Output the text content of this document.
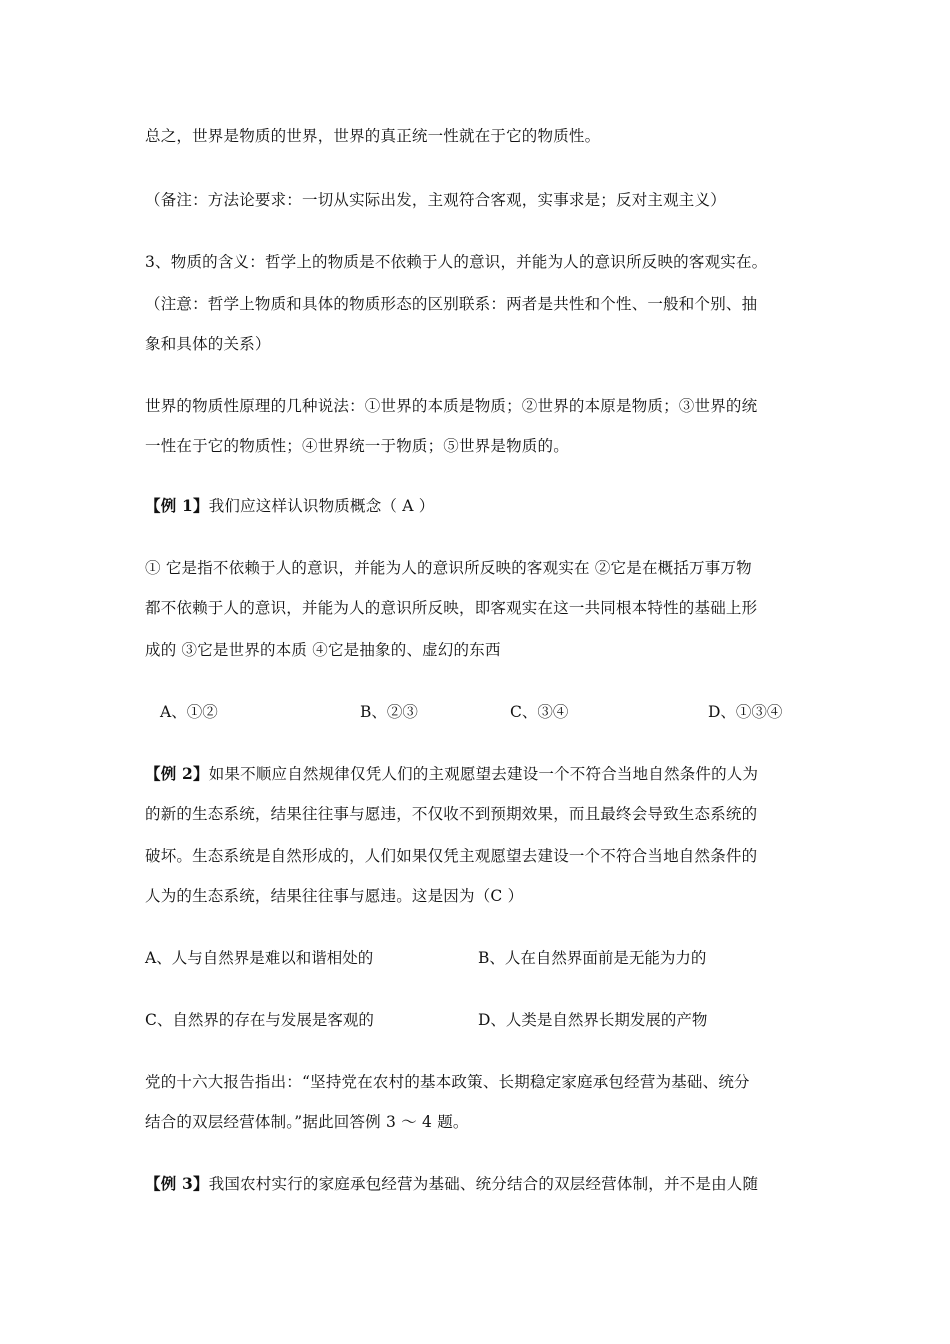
总之，世界是物质的世界，世界的真正统一性就在于它的物质性。
（备注：方法论要求：一切从实际出发，主观符合客观，实事求是；反对主观主义）
3、物质的含义：哲学上的物质是不依赖于人的意识，并能为人的意识所反映的客观实在。
（注意：哲学上物质和具体的物质形态的区别联系：两者是共性和个性、一般和个别、抽
象和具体的关系）
世界的物质性原理的几种说法：①世界的本质是物质；②世界的本原是物质；③世界的统
一性在于它的物质性；④世界统一于物质；⑤世界是物质的。
【例 1】我们应这样认识物质概念（ A ）
① 它是指不依赖于人的意识，并能为人的意识所反映的客观实在 ②它是在概括万事万物
都不依赖于人的意识，并能为人的意识所反映，即客观实在这一共同根本特性的基础上形
成的 ③它是世界的本质 ④它是抽象的、虚幻的东西
A、①②	B、②③	C、③④	D、①③④
【例 2】如果不顺应自然规律仅凭人们的主观愿望去建设一个不符合当地自然条件的人为
的新的生态系统，结果往往事与愿违，不仅收不到预期效果，而且最终会导致生态系统的
破坏。生态系统是自然形成的，人们如果仅凭主观愿望去建设一个不符合当地自然条件的
人为的生态系统，结果往往事与愿违。这是因为（C ）
A、人与自然界是难以和谐相处的	B、人在自然界面前是无能为力的
C、自然界的存在与发展是客观的	D、人类是自然界长期发展的产物
党的十六大报告指出：“坚持党在农村的基本政策、长期稳定家庭承包经营为基础、统分
结合的双层经营体制。”据此回答例 3 ～ 4 题。
【例 3】我国农村实行的家庭承包经营为基础、统分结合的双层经营体制，并不是由人随
